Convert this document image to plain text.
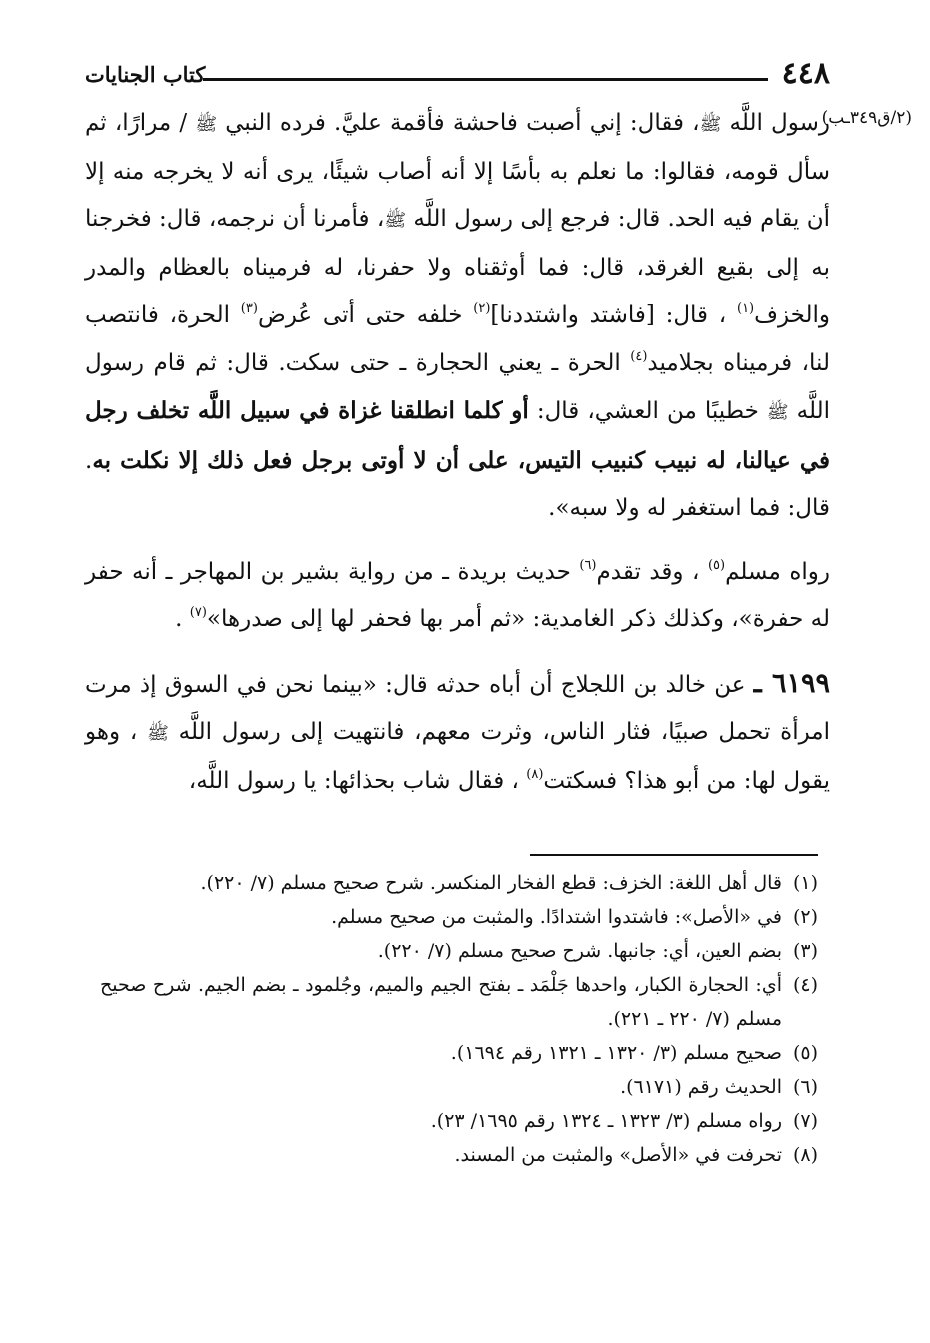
٤٤٨
كتاب الجنايات
(٢/ق٣٤٩ـب)

رسول اللَّه ﷺ، فقال: إني أصبت فاحشة فأقمة عليَّ. فرده النبي ﷺ / مرارًا، ثم سأل قومه، فقالوا: ما نعلم به بأسًا إلا أنه أصاب شيئًا، يرى أنه لا يخرجه منه إلا أن يقام فيه الحد. قال: فرجع إلى رسول اللَّه ﷺ، فأمرنا أن نرجمه، قال: فخرجنا به إلى بقيع الغرقد، قال: فما أوثقناه ولا حفرنا، له فرميناه بالعظام والمدر والخزف$^{(١)}$ ، قال: [فاشتد واشتددنا]$^{(٢)}$ خلفه حتى أتى عُرض$^{(٣)}$ الحرة، فانتصب لنا، فرميناه بجلاميد$^{(٤)}$ الحرة ـ يعني الحجارة ـ حتى سكت. قال: ثم قام رسول اللَّه ﷺ خطيبًا من العشي، قال: أو كلما انطلقنا غزاة في سبيل اللَّه تخلف رجل في عيالنا، له نبيب كنبيب التيس، على أن لا أوتى برجل فعل ذلك إلا نكلت به. قال: فما استغفر له ولا سبه».

رواه مسلم$^{(٥)}$ ، وقد تقدم$^{(٦)}$ حديث بريدة ـ من رواية بشير بن المهاجر ـ أنه حفر له حفرة»، وكذلك ذكر الغامدية: «ثم أمر بها فحفر لها إلى صدرها»$^{(٧)}$ .

٦١٩٩ ـ عن خالد بن اللجلاج أن أباه حدثه قال: «بينما نحن في السوق إذ مرت امرأة تحمل صبيًا، فثار الناس، وثرت معهم، فانتهيت إلى رسول اللَّه ﷺ ، وهو يقول لها: من أبو هذا؟ فسكتت$^{(٨)}$ ، فقال شاب بحذائها: يا رسول اللَّه،

(١)
قال أهل اللغة: الخزف: قطع الفخار المنكسر. شرح صحيح مسلم (٧/ ٢٢٠).

(٢)
في «الأصل»: فاشتدوا اشتدادًا. والمثبت من صحيح مسلم.

(٣)
بضم العين، أي: جانبها. شرح صحيح مسلم (٧/ ٢٢٠).

(٤)
أي: الحجارة الكبار، واحدها جَلْمَد ـ بفتح الجيم والميم، وجُلمود ـ بضم الجيم. شرح صحيح مسلم (٧/ ٢٢٠ ـ ٢٢١).

(٥)
صحيح مسلم (٣/ ١٣٢٠ ـ ١٣٢١ رقم ١٦٩٤).

(٦)
الحديث رقم (٦١٧١).

(٧)
رواه مسلم (٣/ ١٣٢٣ ـ ١٣٢٤ رقم ١٦٩٥/ ٢٣).

(٨)
تحرفت في «الأصل» والمثبت من المسند.
